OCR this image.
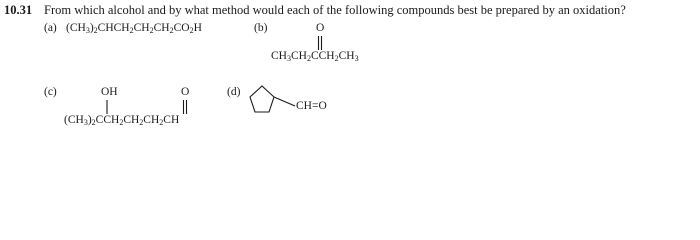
10.31 From which alcohol and by what method would each of the following compounds best be prepared by an oxidation?
(a) $(CH_3)_2CHCH_2CH_2CH_2CO_2H$	(b)	O
$CH_3CH_2CCH_2CH_3$
(c)	OH	O
$(CH_3)_2CCH_2CH_2CH_2CH$
(d)
CH=O
